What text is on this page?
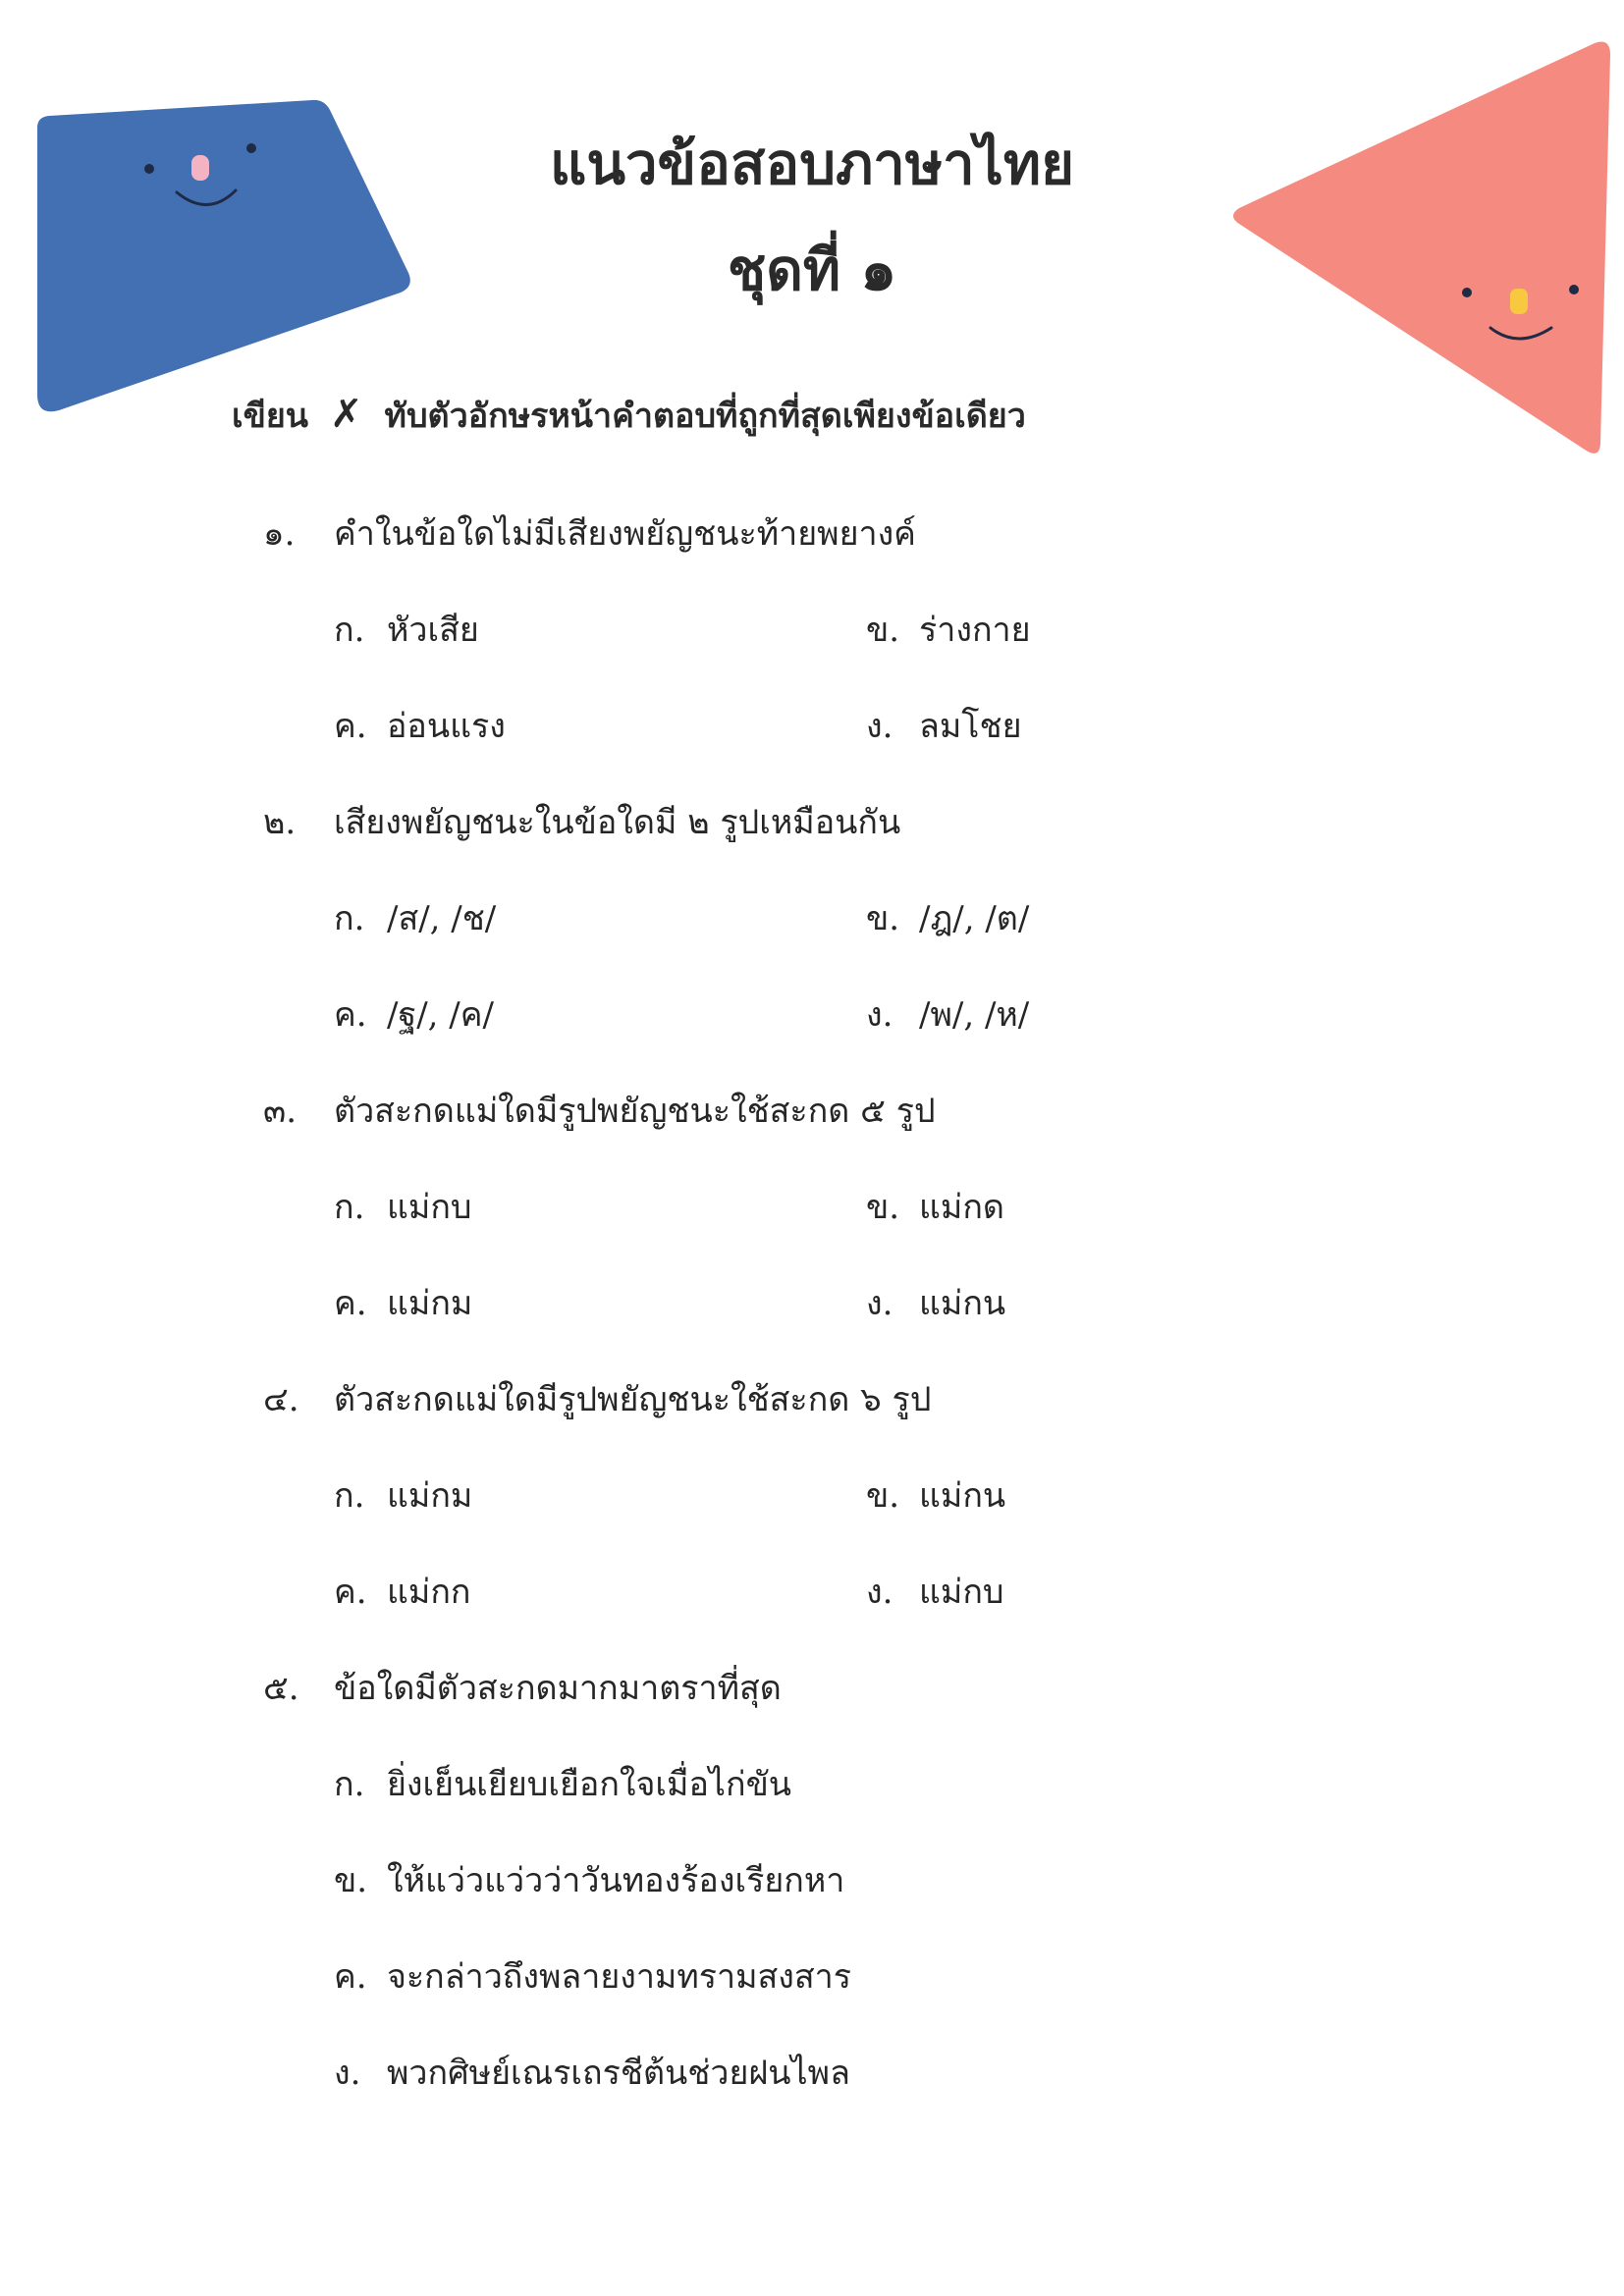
แนวข้อสอบภาษาไทย
ชุดที่ ๑
เขียน ✗ ทับตัวอักษรหน้าคำตอบที่ถูกที่สุดเพียงข้อเดียว
๑. คำในข้อใดไม่มีเสียงพยัญชนะท้ายพยางค์
ก. หัวเสีย	ข. ร่างกาย
ค. อ่อนแรง	ง. ลมโชย
๒. เสียงพยัญชนะในข้อใดมี ๒ รูปเหมือนกัน
ก. /ส/, /ช/	ข. /ฎ/, /ต/
ค. /ฐ/, /ค/	ง. /พ/, /ห/
๓. ตัวสะกดแม่ใดมีรูปพยัญชนะใช้สะกด ๕ รูป
ก. แม่กบ	ข. แม่กด
ค. แม่กม	ง. แม่กน
๔. ตัวสะกดแม่ใดมีรูปพยัญชนะใช้สะกด ๖ รูป
ก. แม่กม	ข. แม่กน
ค. แม่กก	ง. แม่กบ
๕. ข้อใดมีตัวสะกดมากมาตราที่สุด
ก. ยิ่งเย็นเยียบเยือกใจเมื่อไก่ขัน
ข. ให้แว่วแว่วว่าวันทองร้องเรียกหา
ค. จะกล่าวถึงพลายงามทรามสงสาร
ง. พวกศิษย์เณรเถรชีต้นช่วยฝนไพล
